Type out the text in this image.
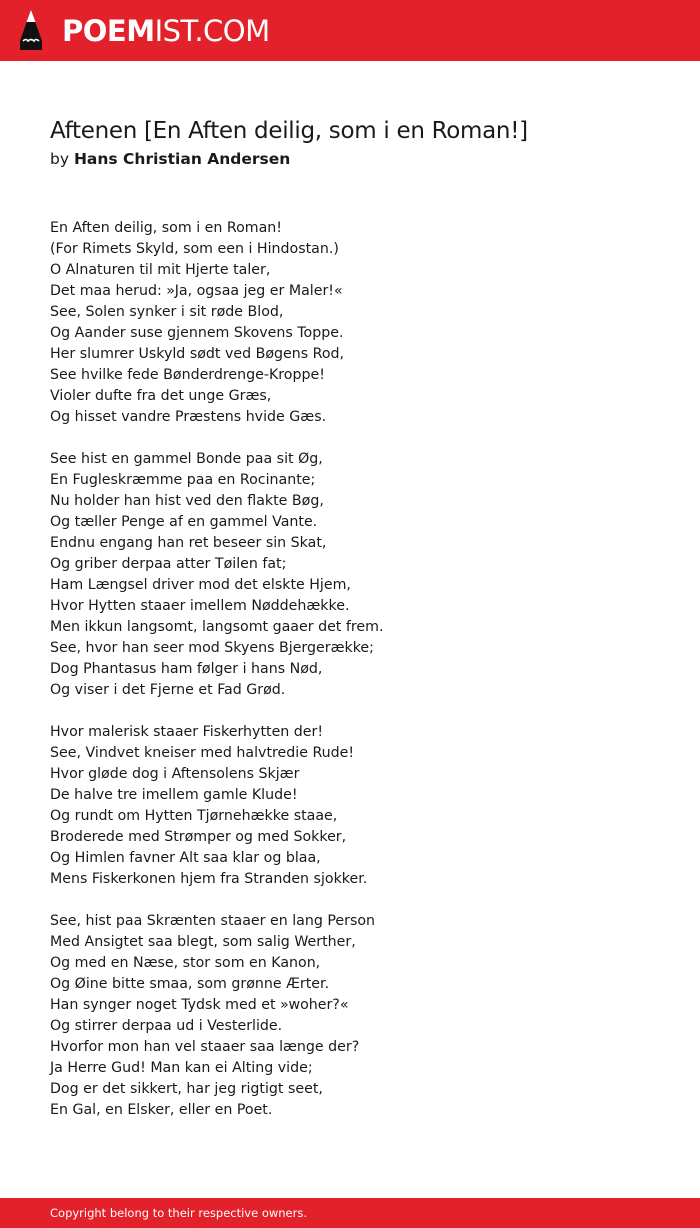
POEMIST.COM
Aftenen [En Aften deilig, som i en Roman!]
by Hans Christian Andersen
En Aften deilig, som i en Roman!
(For Rimets Skyld, som een i Hindostan.)
O Alnaturen til mit Hjerte taler,
Det maa herud: »Ja, ogsaa jeg er Maler!«
See, Solen synker i sit røde Blod,
Og Aander suse gjennem Skovens Toppe.
Her slumrer Uskyld sødt ved Bøgens Rod,
See hvilke fede Bønderdrenge-Kroppe!
Violer dufte fra det unge Græs,
Og hisset vandre Præstens hvide Gæs.
See hist en gammel Bonde paa sit Øg,
En Fugleskræmme paa en Rocinante;
Nu holder han hist ved den flakte Bøg,
Og tæller Penge af en gammel Vante.
Endnu engang han ret beseer sin Skat,
Og griber derpaa atter Tøilen fat;
Ham Længsel driver mod det elskte Hjem,
Hvor Hytten staaer imellem Nøddehække.
Men ikkun langsomt, langsomt gaaer det frem.
See, hvor han seer mod Skyens Bjergerække;
Dog Phantasus ham følger i hans Nød,
Og viser i det Fjerne et Fad Grød.
Hvor malerisk staaer Fiskerhytten der!
See, Vindvet kneiser med halvtredie Rude!
Hvor gløde dog i Aftensolens Skjær
De halve tre imellem gamle Klude!
Og rundt om Hytten Tjørnehække staae,
Broderede med Strømper og med Sokker,
Og Himlen favner Alt saa klar og blaa,
Mens Fiskerkonen hjem fra Stranden sjokker.
See, hist paa Skrænten staaer en lang Person
Med Ansigtet saa blegt, som salig Werther,
Og med en Næse, stor som en Kanon,
Og Øine bitte smaa, som grønne Ærter.
Han synger noget Tydsk med et »woher?«
Og stirrer derpaa ud i Vesterlide.
Hvorfor mon han vel staaer saa længe der?
Ja Herre Gud! Man kan ei Alting vide;
Dog er det sikkert, har jeg rigtigt seet,
En Gal, en Elsker, eller en Poet.
Copyright belong to their respective owners.
